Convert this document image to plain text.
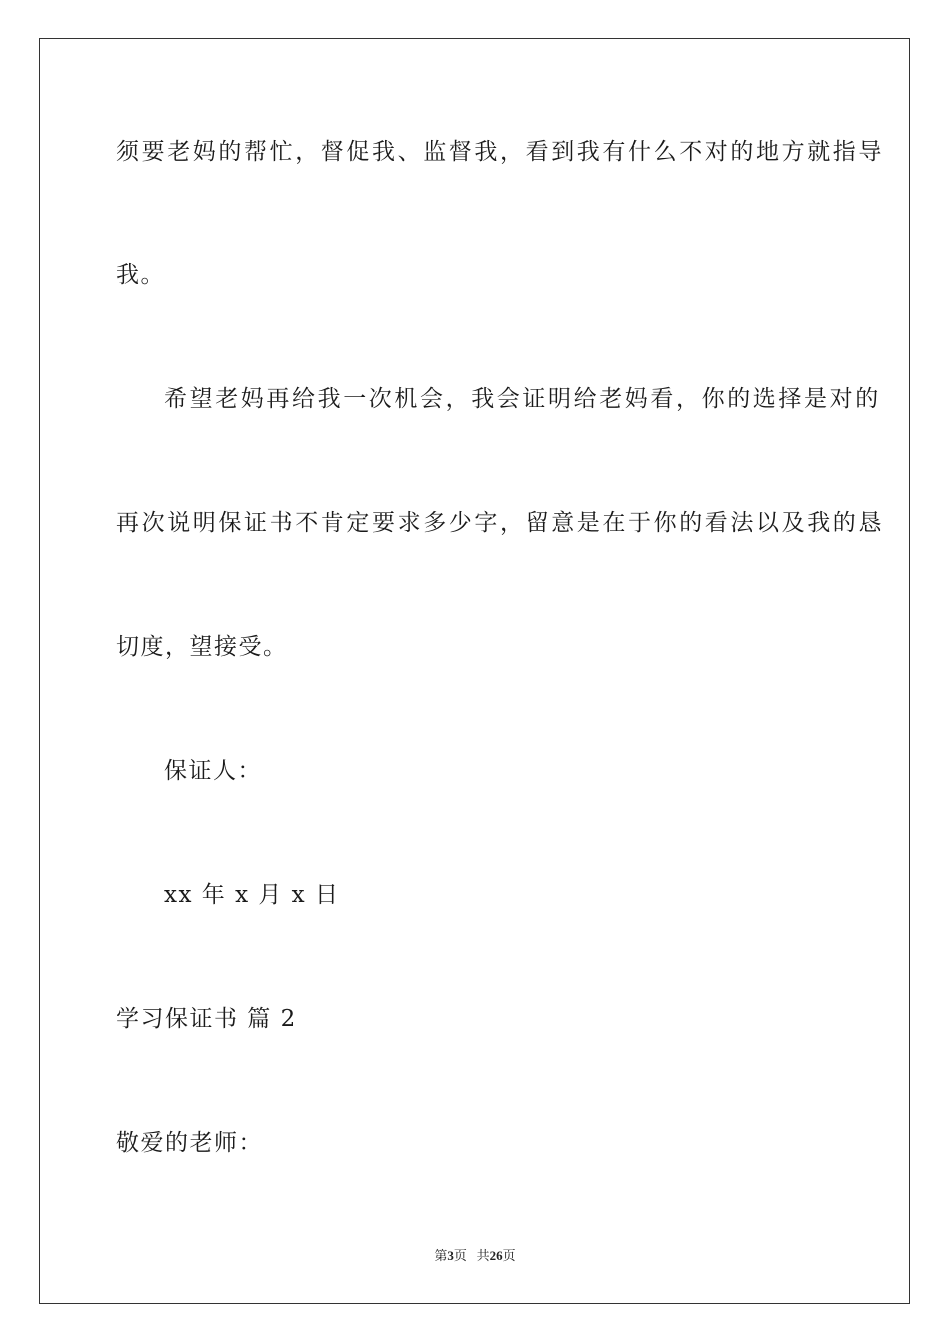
须要老妈的帮忙，督促我、监督我，看到我有什么不对的地方就指导
我。
希望老妈再给我一次机会，我会证明给老妈看，你的选择是对的
再次说明保证书不肯定要求多少字，留意是在于你的看法以及我的恳
切度，望接受。
保证人：
xx 年 x 月 x 日
学习保证书 篇 2
敬爱的老师：
第3页 共26页
